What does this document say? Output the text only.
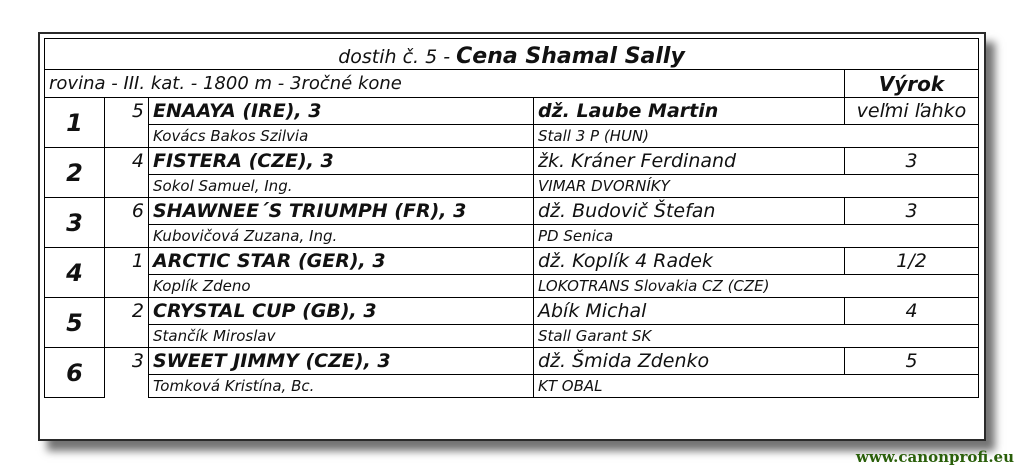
dostih č. 5 - Cena Shamal Sally				
rovina - III. kat. - 1800 m - 3ročné kone				Výrok
1	5	ENAAYA (IRE), 3	dž. Laube Martin	veľmi ľahko
		Kovács Bakos Szilvia	Stall 3 P (HUN)	
2	4	FISTERA (CZE), 3	žk. Kráner Ferdinand	3
		Sokol Samuel, Ing.	VIMAR DVORNÍKY	
3	6	SHAWNEE´S TRIUMPH (FR), 3	dž. Budovič Štefan	3
		Kubovičová Zuzana, Ing.	PD Senica	
4	1	ARCTIC STAR (GER), 3	dž. Koplík 4 Radek	1/2
		Koplík Zdeno	LOKOTRANS Slovakia CZ (CZE)	
5	2	CRYSTAL CUP (GB), 3	Abík Michal	4
		Stančík Miroslav	Stall Garant SK	
6	3	SWEET JIMMY (CZE), 3	dž. Šmida Zdenko	5
		Tomková Kristína, Bc.	KT OBAL	
www.canonprofi.eu
